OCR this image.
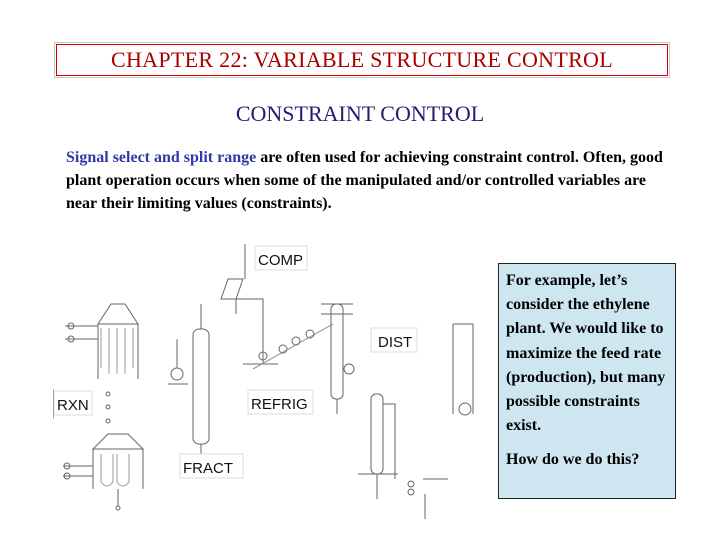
CHAPTER 22: VARIABLE STRUCTURE CONTROL
CONSTRAINT CONTROL
Signal select and split range are often used for achieving constraint control. Often, good plant operation occurs when some of the manipulated and/or controlled variables are near their limiting values (constraints).
COMP
DIST
RXN	REFRIG
FRACT

For example, let’s consider the ethylene plant. We would like to maximize the feed rate (production), but many possible constraints exist.

How do we do this?
